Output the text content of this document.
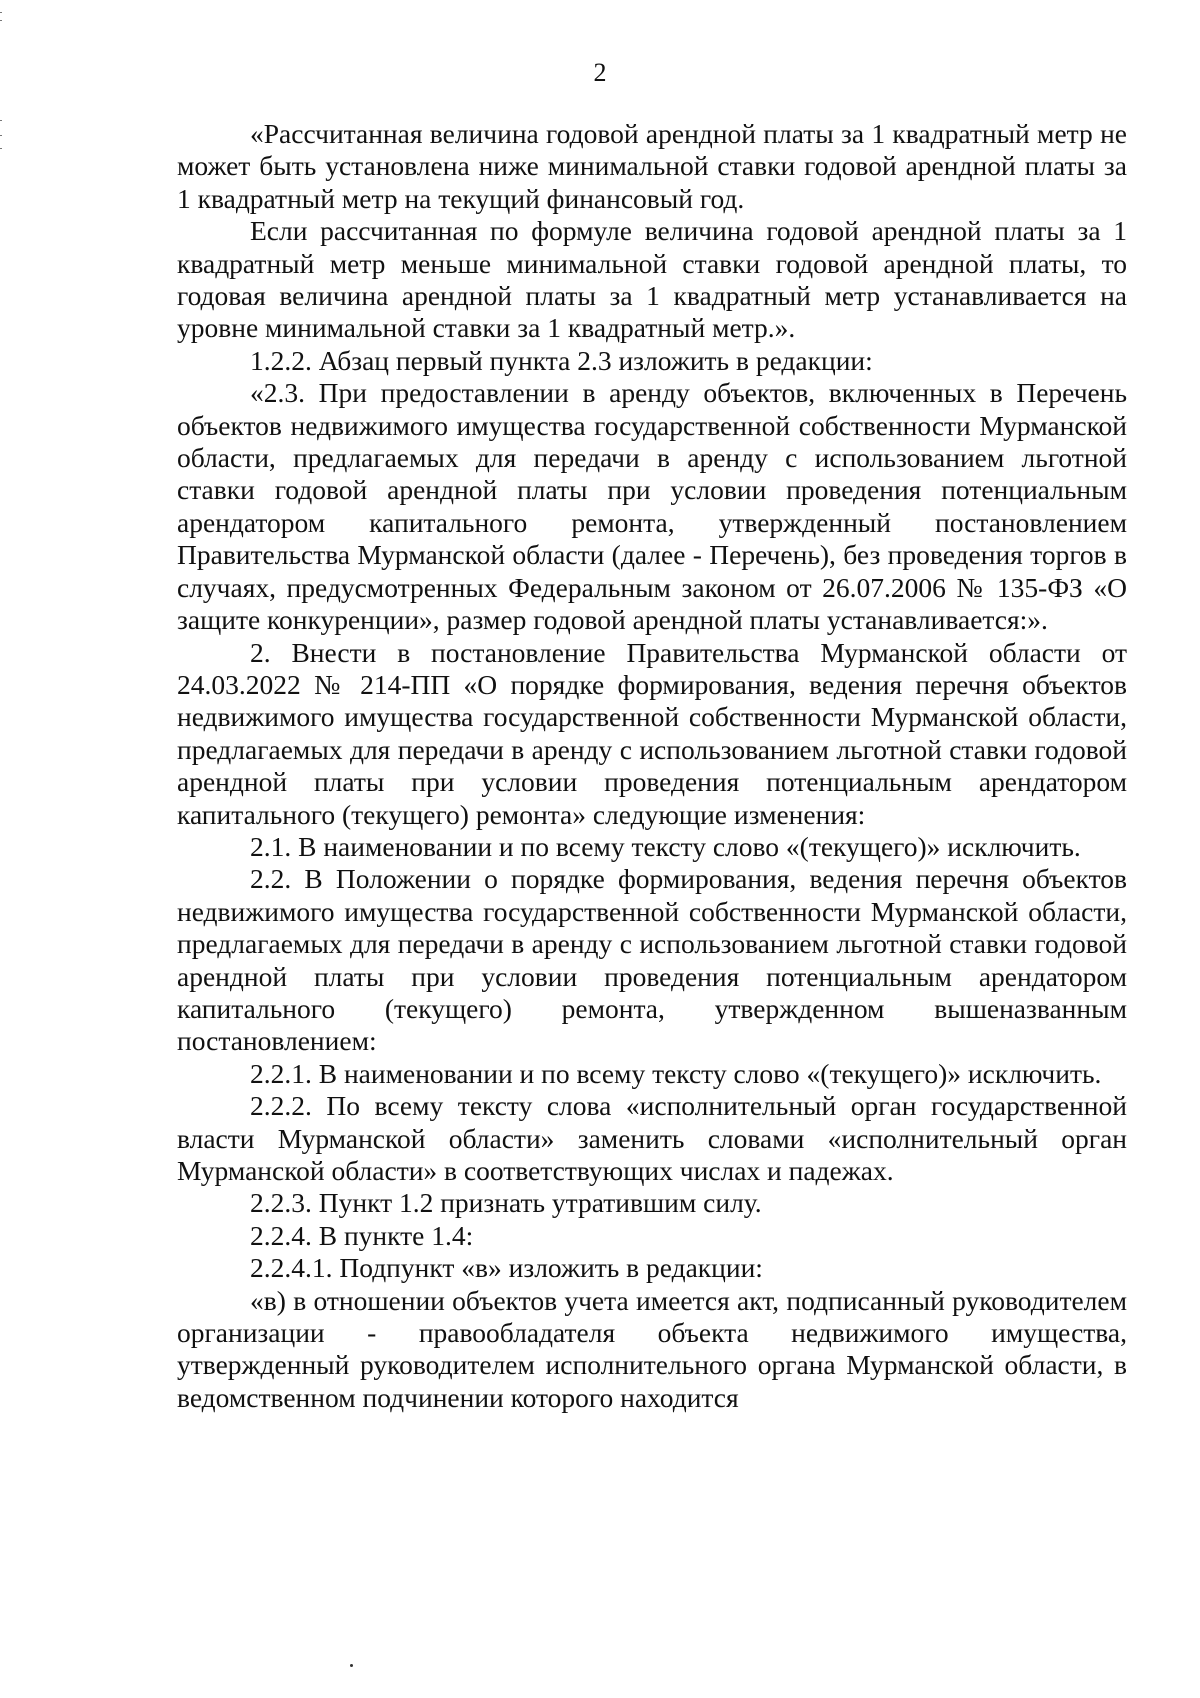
2

«Рассчитанная величина годовой арендной платы за 1 квадратный метр не может быть установлена ниже минимальной ставки годовой арендной платы за 1 квадратный метр на текущий финансовый год.

Если рассчитанная по формуле величина годовой арендной платы за 1 квадратный метр меньше минимальной ставки годовой арендной платы, то годовая величина арендной платы за 1 квадратный метр устанавливается на уровне минимальной ставки за 1 квадратный метр.».

1.2.2. Абзац первый пункта 2.3 изложить в редакции:

«2.3. При предоставлении в аренду объектов, включенных в Перечень объектов недвижимого имущества государственной собственности Мурманской области, предлагаемых для передачи в аренду с использованием льготной ставки годовой арендной платы при условии проведения потенциальным арендатором капитального ремонта, утвержденный постановлением Правительства Мурманской области (далее - Перечень), без проведения торгов в случаях, предусмотренных Федеральным законом от 26.07.2006 № 135-ФЗ «О защите конкуренции», размер годовой арендной платы устанавливается:».

2. Внести в постановление Правительства Мурманской области от 24.03.2022 № 214-ПП «О порядке формирования, ведения перечня объектов недвижимого имущества государственной собственности Мурманской области, предлагаемых для передачи в аренду с использованием льготной ставки годовой арендной платы при условии проведения потенциальным арендатором капитального (текущего) ремонта» следующие изменения:

2.1. В наименовании и по всему тексту слово «(текущего)» исключить.

2.2. В Положении о порядке формирования, ведения перечня объектов недвижимого имущества государственной собственности Мурманской области, предлагаемых для передачи в аренду с использованием льготной ставки годовой арендной платы при условии проведения потенциальным арендатором капитального (текущего) ремонта, утвержденном вышеназванным постановлением:

2.2.1. В наименовании и по всему тексту слово «(текущего)» исключить.

2.2.2. По всему тексту слова «исполнительный орган государственной власти Мурманской области» заменить словами «исполнительный орган Мурманской области» в соответствующих числах и падежах.

2.2.3. Пункт 1.2 признать утратившим силу.

2.2.4. В пункте 1.4:

2.2.4.1. Подпункт «в» изложить в редакции:

«в) в отношении объектов учета имеется акт, подписанный руководителем организации - правообладателя объекта недвижимого имущества, утвержденный руководителем исполнительного органа Мурманской области, в ведомственном подчинении которого находится
